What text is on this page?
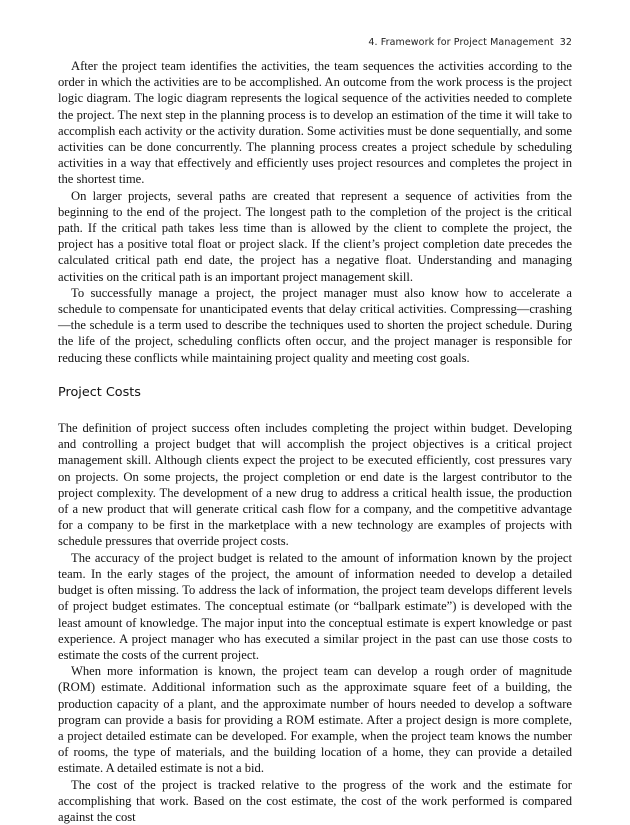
4. Framework for Project Management 32

After the project team identifies the activities, the team sequences the activities according to the order in which the activities are to be accomplished. An outcome from the work process is the project logic diagram. The logic diagram represents the logical sequence of the activities needed to complete the project. The next step in the planning process is to develop an estimation of the time it will take to accomplish each activity or the activity duration. Some activities must be done sequentially, and some activities can be done concurrently. The planning process creates a project schedule by scheduling activities in a way that effectively and efficiently uses project resources and completes the project in the shortest time.

On larger projects, several paths are created that represent a sequence of activities from the beginning to the end of the project. The longest path to the completion of the project is the critical path. If the critical path takes less time than is allowed by the client to complete the project, the project has a positive total float or project slack. If the client’s project completion date precedes the calculated critical path end date, the project has a negative float. Understanding and managing activities on the critical path is an important project management skill.

To successfully manage a project, the project manager must also know how to accelerate a schedule to compensate for unanticipated events that delay critical activities. Compressing—crashing—the schedule is a term used to describe the techniques used to shorten the project schedule. During the life of the project, scheduling conflicts often occur, and the project manager is responsible for reducing these conflicts while maintaining project quality and meeting cost goals.

Project Costs

The definition of project success often includes completing the project within budget. Developing and controlling a project budget that will accomplish the project objectives is a critical project management skill. Although clients expect the project to be executed efficiently, cost pressures vary on projects. On some projects, the project completion or end date is the largest contributor to the project complexity. The development of a new drug to address a critical health issue, the production of a new product that will generate critical cash flow for a company, and the competitive advantage for a company to be first in the marketplace with a new technology are examples of projects with schedule pressures that override project costs.

The accuracy of the project budget is related to the amount of information known by the project team. In the early stages of the project, the amount of information needed to develop a detailed budget is often missing. To address the lack of information, the project team develops different levels of project budget estimates. The conceptual estimate (or “ballpark estimate”) is developed with the least amount of knowledge. The major input into the conceptual estimate is expert knowledge or past experience. A project manager who has executed a similar project in the past can use those costs to estimate the costs of the current project.

When more information is known, the project team can develop a rough order of magnitude (ROM) estimate. Additional information such as the approximate square feet of a building, the production capacity of a plant, and the approximate number of hours needed to develop a software program can provide a basis for providing a ROM estimate. After a project design is more complete, a project detailed estimate can be developed. For example, when the project team knows the number of rooms, the type of materials, and the building location of a home, they can provide a detailed estimate. A detailed estimate is not a bid.

The cost of the project is tracked relative to the progress of the work and the estimate for accomplishing that work. Based on the cost estimate, the cost of the work performed is compared against the cost
